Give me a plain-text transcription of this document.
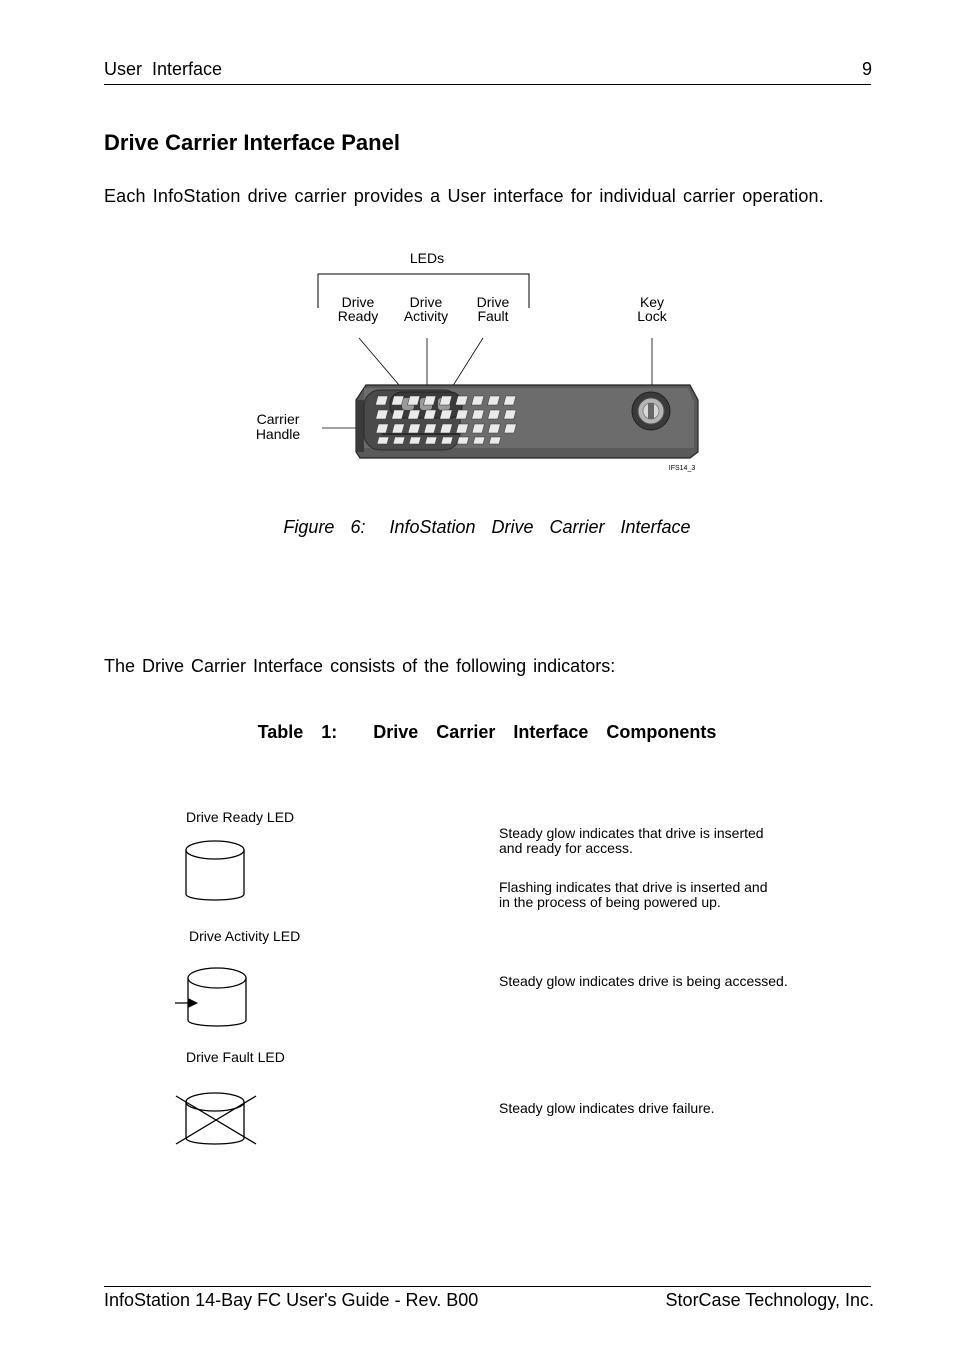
User  Interface	9
Drive Carrier Interface Panel
Each InfoStation drive carrier provides a User interface for individual carrier operation.
LEDs
Drive
Ready
Drive
Activity
Drive
Fault
Key
Lock
Carrier
Handle
IFS14_3
Figure  6:   InfoStation  Drive  Carrier  Interface
The Drive Carrier Interface consists of the following indicators:
Table  1:    Drive  Carrier  Interface  Components
Drive Ready LED
Steady glow indicates that drive is inserted
and ready for access.
Flashing indicates that drive is inserted and
in the process of being powered up.
Drive Activity LED
Steady glow indicates drive is being accessed.
Drive Fault LED
Steady glow indicates drive failure.
InfoStation 14-Bay FC User's Guide - Rev. B00	StorCase Technology, Inc.
